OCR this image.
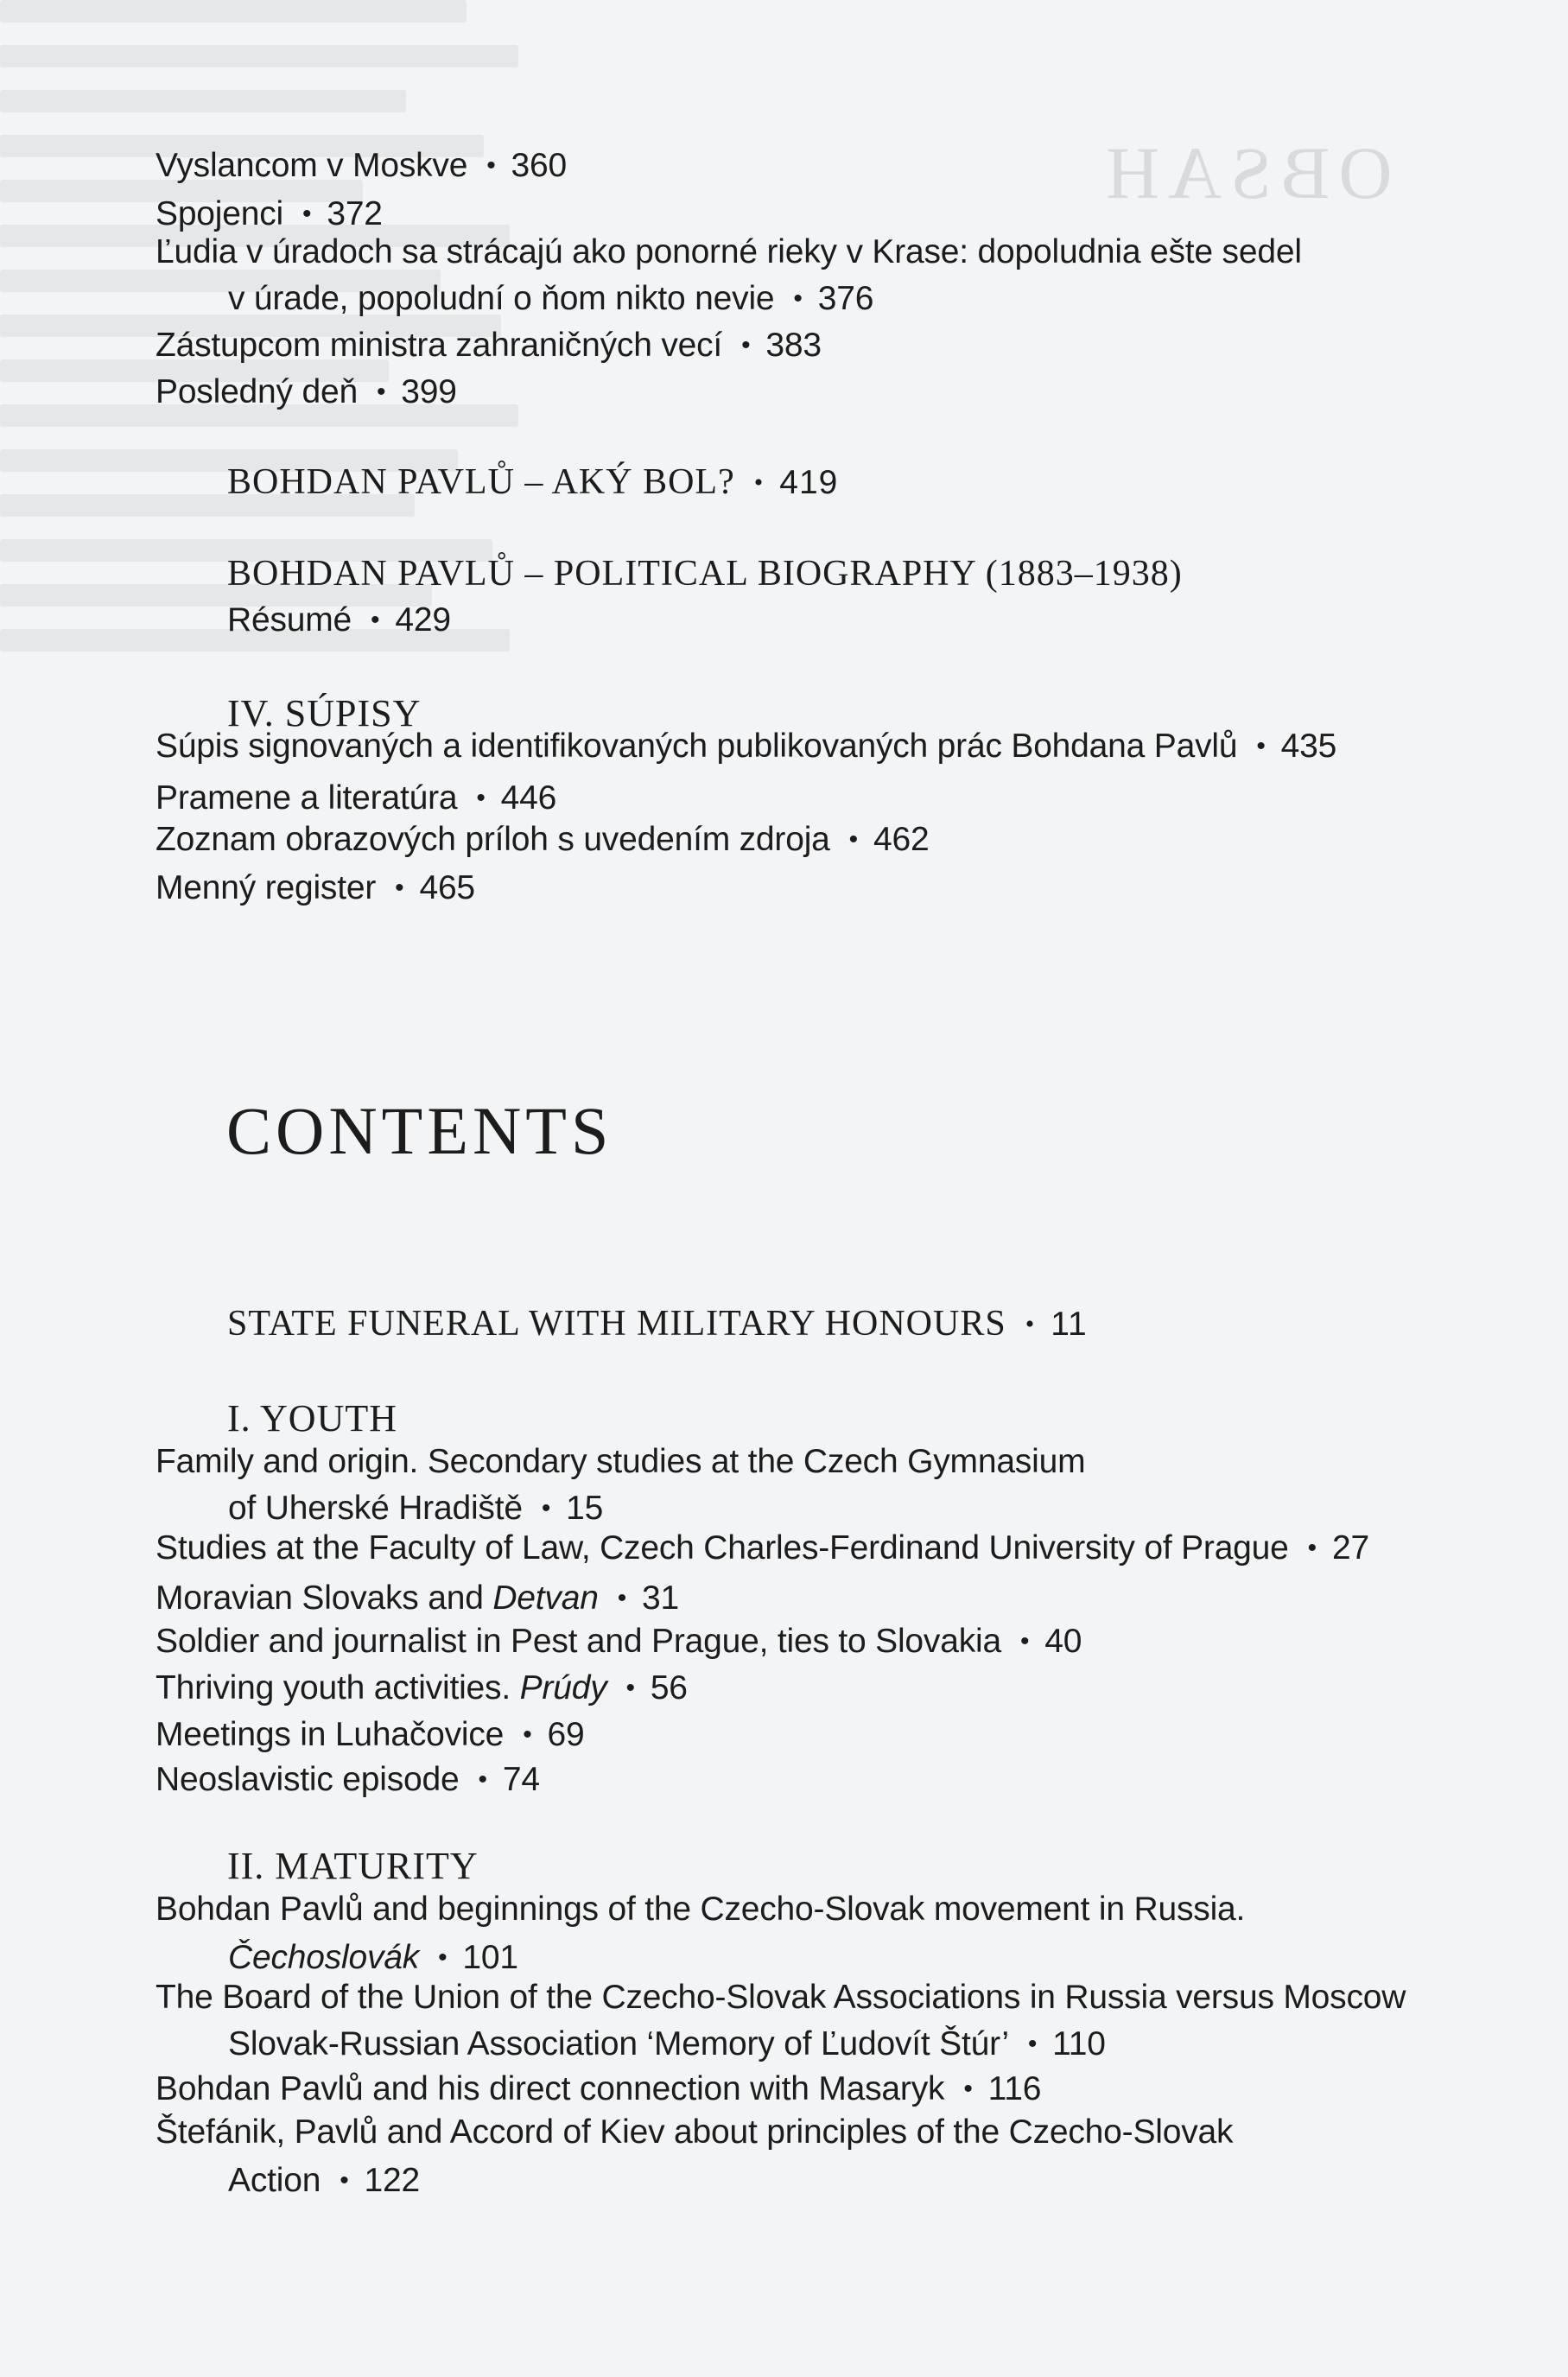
OBSAH
Vyslancom v Moskve • 360
Spojenci • 372
Ľudia v úradoch sa strácajú ako ponorné rieky v Krase: dopoludnia ešte sedel
v úrade, popoludní o ňom nikto nevie • 376
Zástupcom ministra zahraničných vecí • 383
Posledný deň • 399
BOHDAN PAVLŮ – AKÝ BOL? • 419
BOHDAN PAVLŮ – POLITICAL BIOGRAPHY (1883–1938)
Résumé • 429
IV. SÚPISY
Súpis signovaných a identifikovaných publikovaných prác Bohdana Pavlů • 435
Pramene a literatúra • 446
Zoznam obrazových príloh s uvedením zdroja • 462
Menný register • 465
CONTENTS
STATE FUNERAL WITH MILITARY HONOURS • 11
I. YOUTH
Family and origin. Secondary studies at the Czech Gymnasium
of Uherské Hradiště • 15
Studies at the Faculty of Law, Czech Charles-Ferdinand University of Prague • 27
Moravian Slovaks and Detvan • 31
Soldier and journalist in Pest and Prague, ties to Slovakia • 40
Thriving youth activities. Prúdy • 56
Meetings in Luhačovice • 69
Neoslavistic episode • 74
II. MATURITY
Bohdan Pavlů and beginnings of the Czecho-Slovak movement in Russia.
Čechoslovák • 101
The Board of the Union of the Czecho-Slovak Associations in Russia versus Moscow
Slovak-Russian Association ‘Memory of Ľudovít Štúr’ • 110
Bohdan Pavlů and his direct connection with Masaryk • 116
Štefánik, Pavlů and Accord of Kiev about principles of the Czecho-Slovak
Action • 122
